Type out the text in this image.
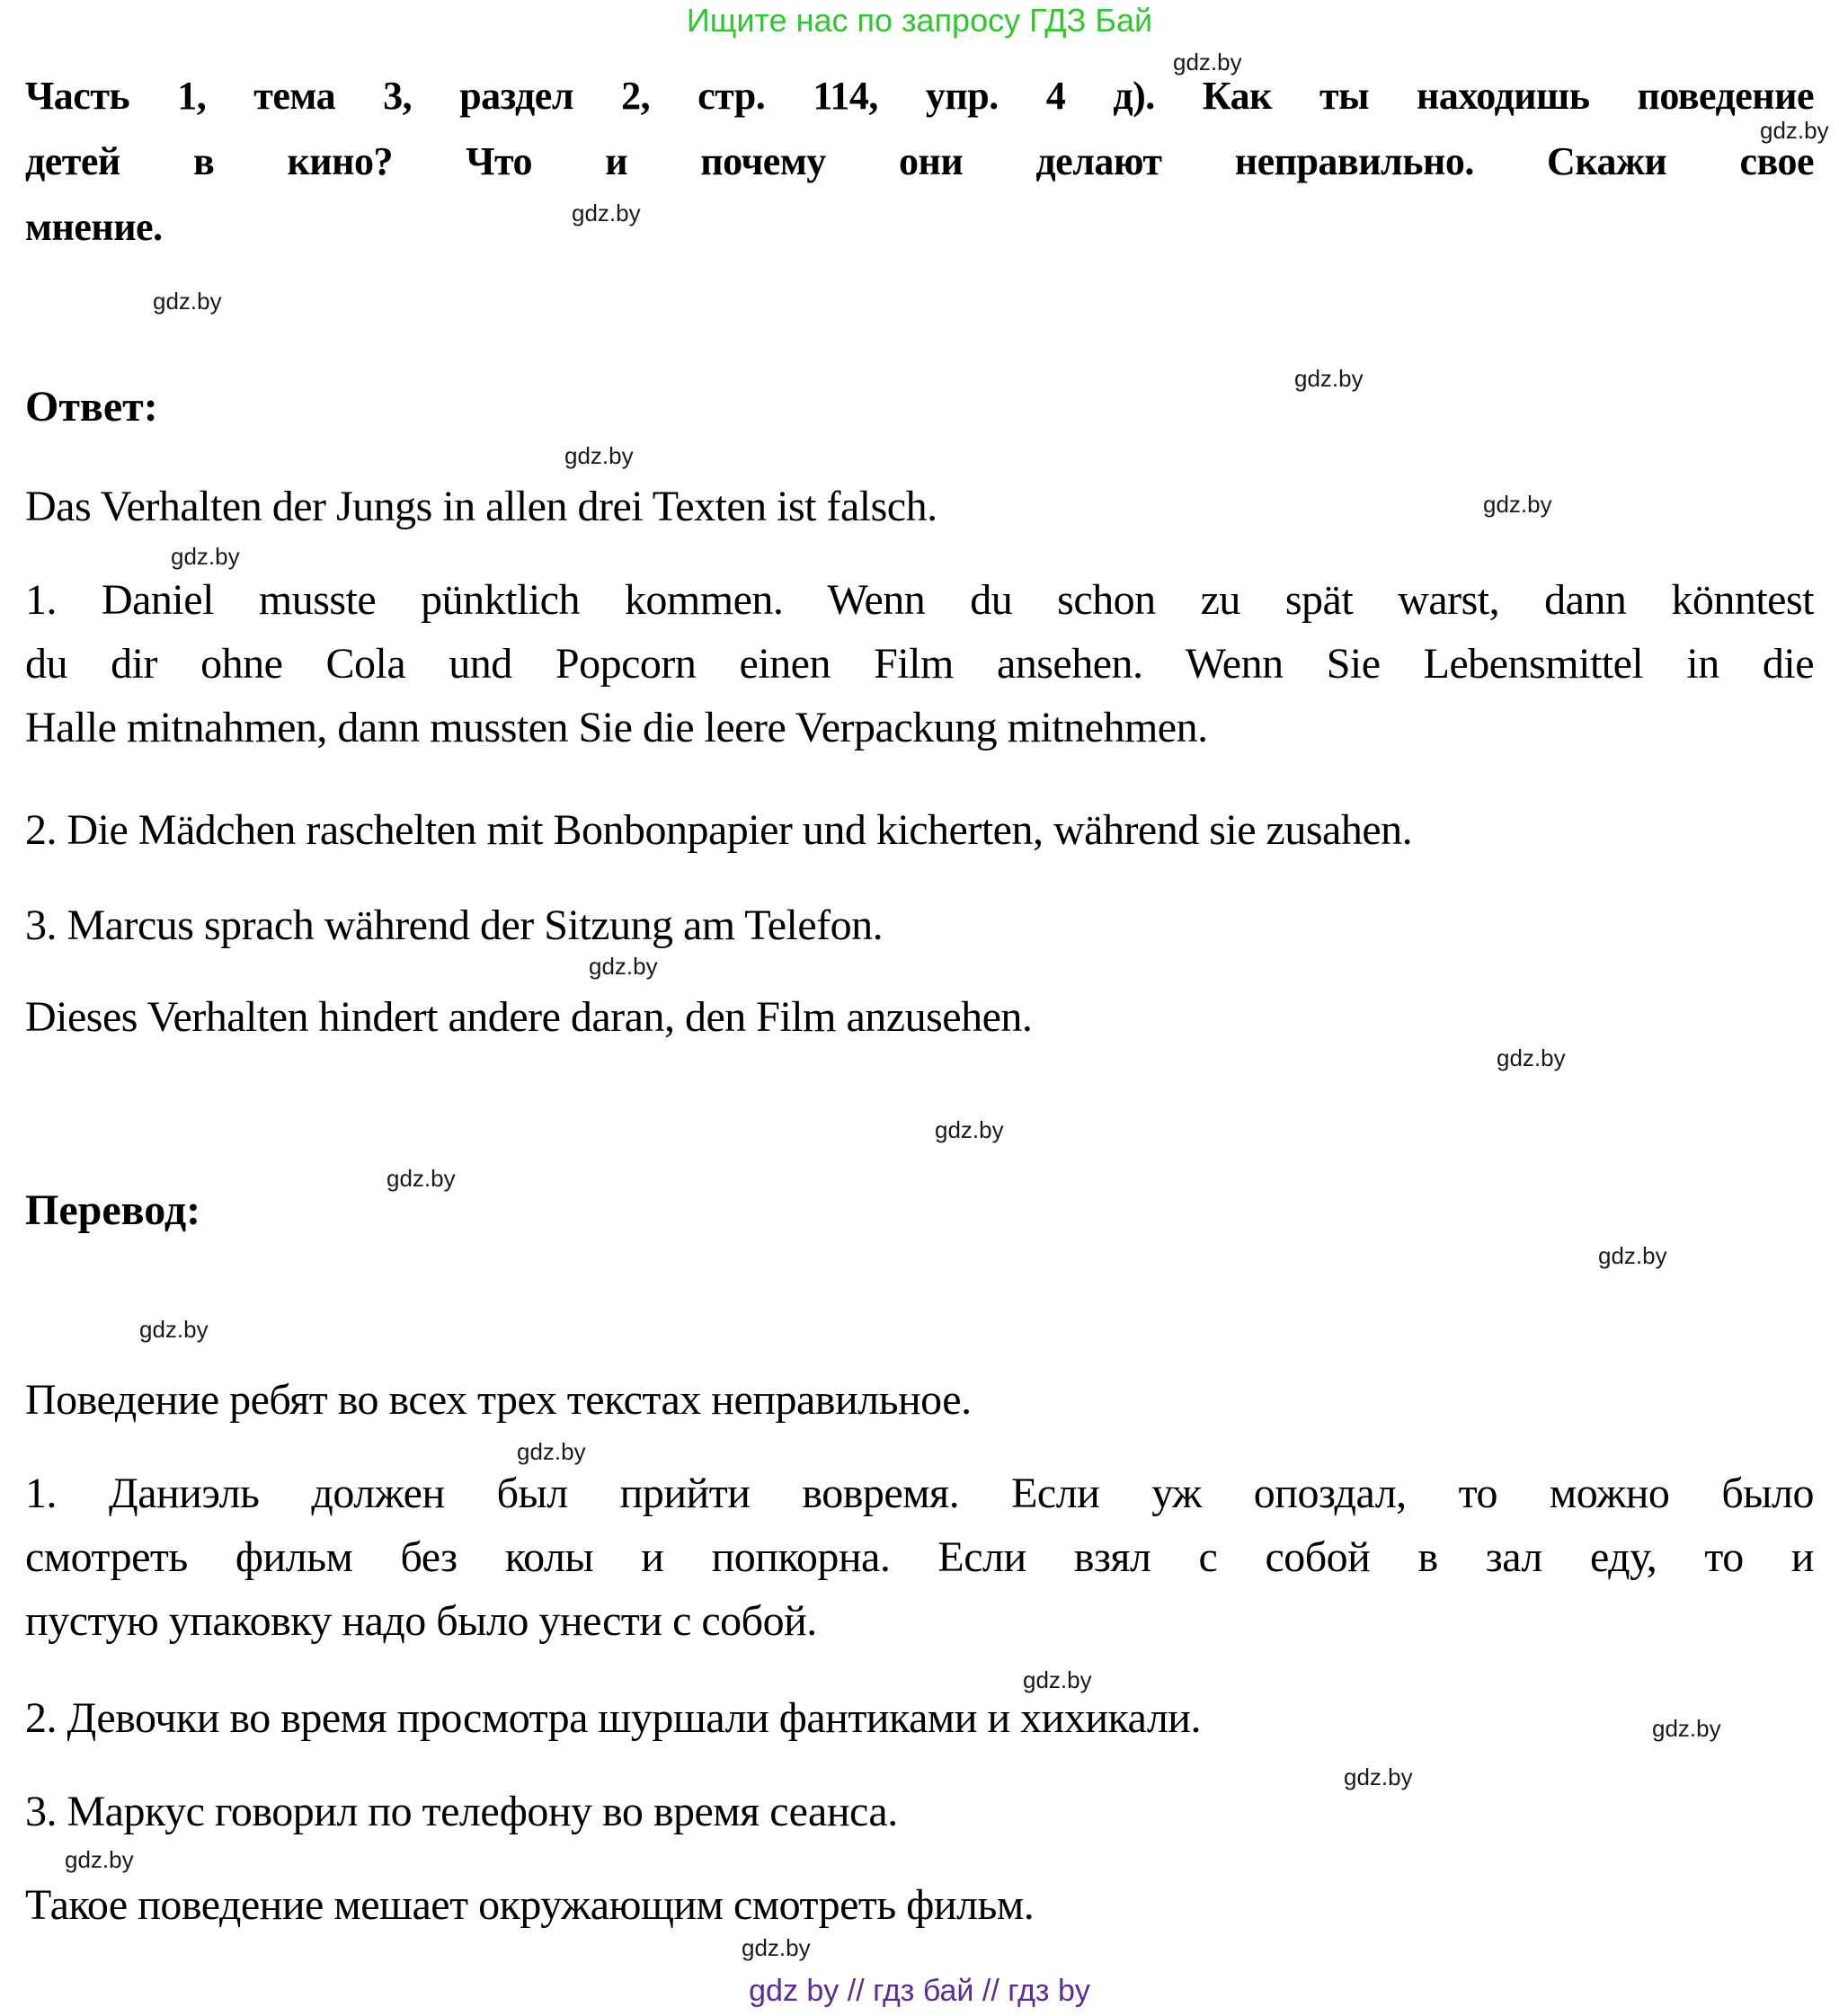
Ищите нас по запросу ГДЗ Бай
Часть 1, тема 3, раздел 2, стр. 114, упр. 4 д). Как ты находишь поведение
детей в кино? Что и почему они делают неправильно. Скажи свое
мнение.
Ответ:
Das Verhalten der Jungs in allen drei Texten ist falsch.
1. Daniel musste pünktlich kommen. Wenn du schon zu spät warst, dann könntest
du dir ohne Cola und Popcorn einen Film ansehen. Wenn Sie Lebensmittel in die
Halle mitnahmen, dann mussten Sie die leere Verpackung mitnehmen.
2. Die Mädchen raschelten mit Bonbonpapier und kicherten, während sie zusahen.
3. Marcus sprach während der Sitzung am Telefon.
Dieses Verhalten hindert andere daran, den Film anzusehen.
Перевод:
Поведение ребят во всех трех текстах неправильное.
1. Даниэль должен был прийти вовремя. Если уж опоздал, то можно было
смотреть фильм без колы и попкорна. Если взял с собой в зал еду, то и
пустую упаковку надо было унести с собой.
2. Девочки во время просмотра шуршали фантиками и хихикали.
3. Маркус говорил по телефону во время сеанса.
Такое поведение мешает окружающим смотреть фильм.
gdz.by
gdz.by
gdz.by
gdz.by
gdz.by
gdz.by
gdz.by
gdz.by
gdz.by
gdz.by
gdz.by
gdz.by
gdz.by
gdz.by
gdz.by
gdz.by
gdz.by
gdz.by
gdz.by
gdz.by
gdz by // гдз бай // гдз by
